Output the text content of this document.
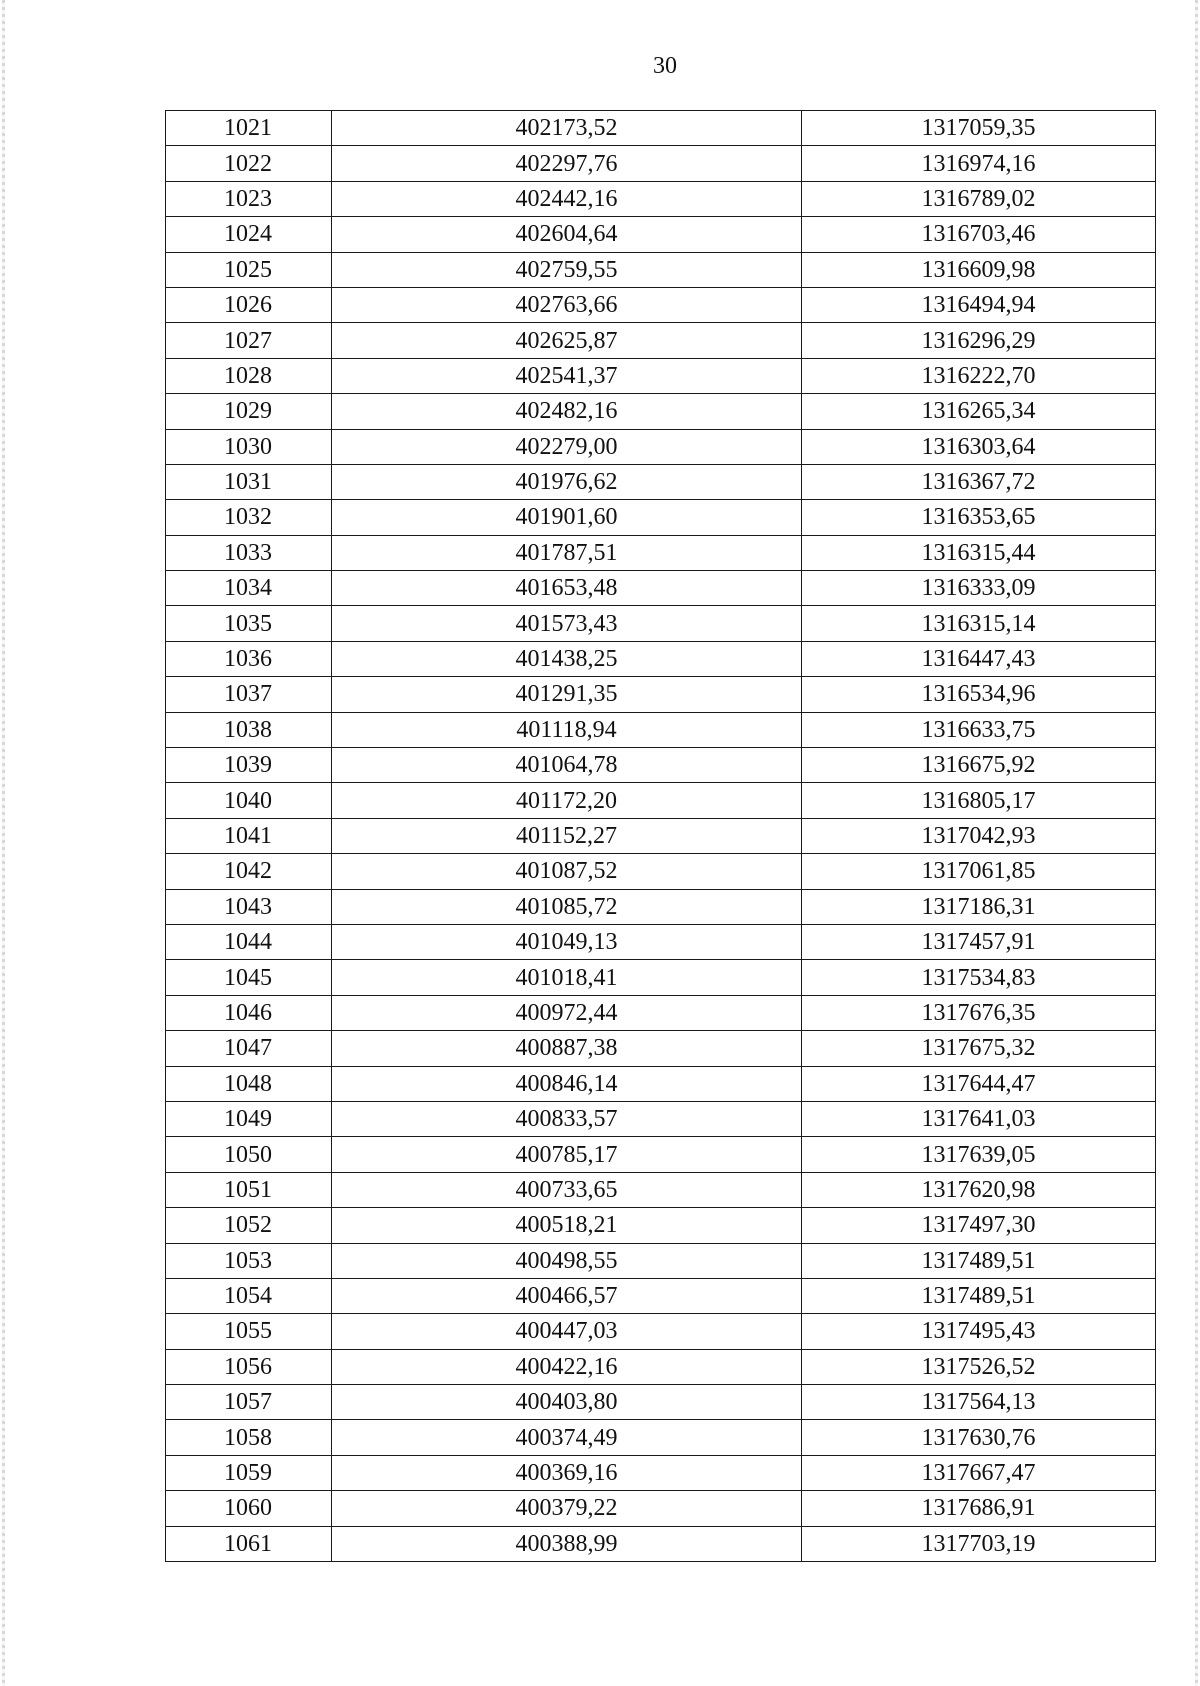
30
1021	402173,52	1317059,35
1022	402297,76	1316974,16
1023	402442,16	1316789,02
1024	402604,64	1316703,46
1025	402759,55	1316609,98
1026	402763,66	1316494,94
1027	402625,87	1316296,29
1028	402541,37	1316222,70
1029	402482,16	1316265,34
1030	402279,00	1316303,64
1031	401976,62	1316367,72
1032	401901,60	1316353,65
1033	401787,51	1316315,44
1034	401653,48	1316333,09
1035	401573,43	1316315,14
1036	401438,25	1316447,43
1037	401291,35	1316534,96
1038	401118,94	1316633,75
1039	401064,78	1316675,92
1040	401172,20	1316805,17
1041	401152,27	1317042,93
1042	401087,52	1317061,85
1043	401085,72	1317186,31
1044	401049,13	1317457,91
1045	401018,41	1317534,83
1046	400972,44	1317676,35
1047	400887,38	1317675,32
1048	400846,14	1317644,47
1049	400833,57	1317641,03
1050	400785,17	1317639,05
1051	400733,65	1317620,98
1052	400518,21	1317497,30
1053	400498,55	1317489,51
1054	400466,57	1317489,51
1055	400447,03	1317495,43
1056	400422,16	1317526,52
1057	400403,80	1317564,13
1058	400374,49	1317630,76
1059	400369,16	1317667,47
1060	400379,22	1317686,91
1061	400388,99	1317703,19
